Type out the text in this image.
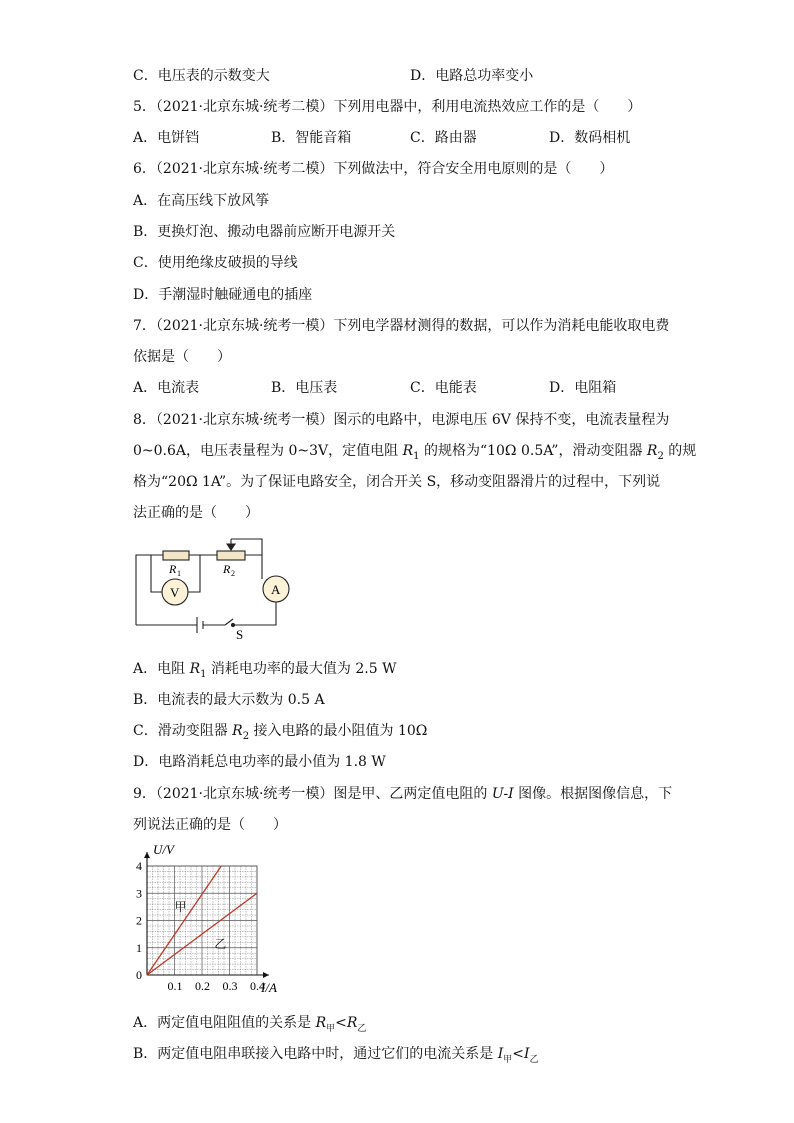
C．电压表的示数变大	D．电路总功率变小
5．（2021·北京东城·统考二模）下列用电器中，利用电流热效应工作的是（　　）
A．电饼铛	B．智能音箱	C．路由器	D．数码相机
6．（2021·北京东城·统考二模）下列做法中，符合安全用电原则的是（　　）
A．在高压线下放风筝
B．更换灯泡、搬动电器前应断开电源开关
C．使用绝缘皮破损的导线
D．手潮湿时触碰通电的插座
7．（2021·北京东城·统考一模）下列电学器材测得的数据，可以作为消耗电能收取电费
依据是（　　）
A．电流表	B．电压表	C．电能表	D．电阻箱
8．（2021·北京东城·统考一模）图示的电路中，电源电压 6V 保持不变，电流表量程为
0~0.6A，电压表量程为 0~3V，定值电阻 $R_1$ 的规格为“10Ω 0.5A”，滑动变阻器 $R_2$ 的规
格为“20Ω 1A”。为了保证电路安全，闭合开关 S，移动变阻器滑片的过程中，下列说
法正确的是（　　）
R 1	R 2
V	A
S
A．电阻 $R_1$ 消耗电功率的最大值为 2.5 W
B．电流表的最大示数为 0.5 A
C．滑动变阻器 $R_2$ 接入电路的最小阻值为 10Ω
D．电路消耗总电功率的最小值为 1.8 W
9．（2021·北京东城·统考一模）图是甲、乙两定值电阻的 U-I 图像。根据图像信息，下
列说法正确的是（　　）
0.1 0.2 0.3 0.4
0
1
2
3
4
I/A
U/V
甲
乙
A．两定值电阻阻值的关系是 $R_甲<R_乙$
B．两定值电阻串联接入电路中时，通过它们的电流关系是 $I_甲<I_乙$
